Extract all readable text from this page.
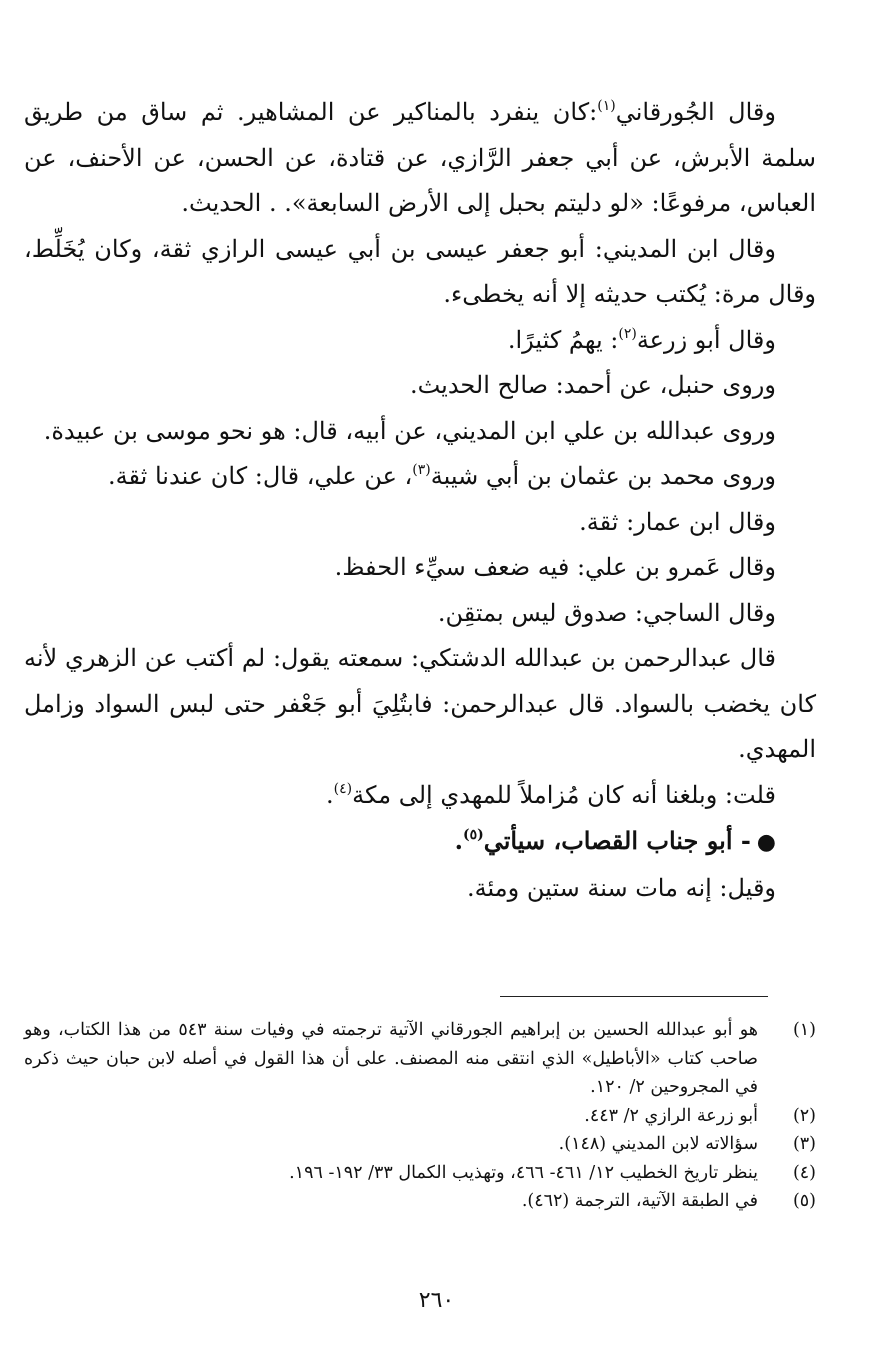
وقال الجُورقاني$^{(١)}$:كان ينفرد بالمناكير عن المشاهير. ثم ساق من طريق سلمة الأبرش، عن أبي جعفر الرَّازي، عن قتادة، عن الحسن، عن الأحنف، عن العباس، مرفوعًا: «لو دليتم بحبل إلى الأرض السابعة». . الحديث.

وقال ابن المديني: أبو جعفر عيسى بن أبي عيسى الرازي ثقة، وكان يُخَلِّط، وقال مرة: يُكتب حديثه إلا أنه يخطىء.

وقال أبو زرعة$^{(٢)}$: يهمُ كثيرًا.

وروى حنبل، عن أحمد: صالح الحديث.

وروى عبدالله بن علي ابن المديني، عن أبيه، قال: هو نحو موسى بن عبيدة.

وروى محمد بن عثمان بن أبي شيبة$^{(٣)}$، عن علي، قال: كان عندنا ثقة.

وقال ابن عمار: ثقة.

وقال عَمرو بن علي: فيه ضعف سيِّء الحفظ.

وقال الساجي: صدوق ليس بمتقِن.

قال عبدالرحمن بن عبدالله الدشتكي: سمعته يقول: لم أكتب عن الزهري لأنه كان يخضب بالسواد. قال عبدالرحمن: فابتُلِيَ أبو جَعْفر حتى لبس السواد وزامل المهدي.

قلت: وبلغنا أنه كان مُزاملاً للمهدي إلى مكة$^{(٤)}$.

●- أبو جناب القصاب، سيأتي$^{(٥)}$.

وقيل: إنه مات سنة ستين ومئة.

(١)
هو أبو عبدالله الحسين بن إبراهيم الجورقاني الآتية ترجمته في وفيات سنة ٥٤٣ من هذا الكتاب، وهو صاحب كتاب «الأباطيل» الذي انتقى منه المصنف. على أن هذا القول في أصله لابن حبان حيث ذكره في المجروحين ٢/ ١٢٠.
(٢)
أبو زرعة الرازي ٢/ ٤٤٣.
(٣)
سؤالاته لابن المديني (١٤٨).
(٤)
ينظر تاريخ الخطيب ١٢/ ٤٦١- ٤٦٦، وتهذيب الكمال ٣٣/ ١٩٢- ١٩٦.
(٥)
في الطبقة الآتية، الترجمة (٤٦٢).
٢٦٠
